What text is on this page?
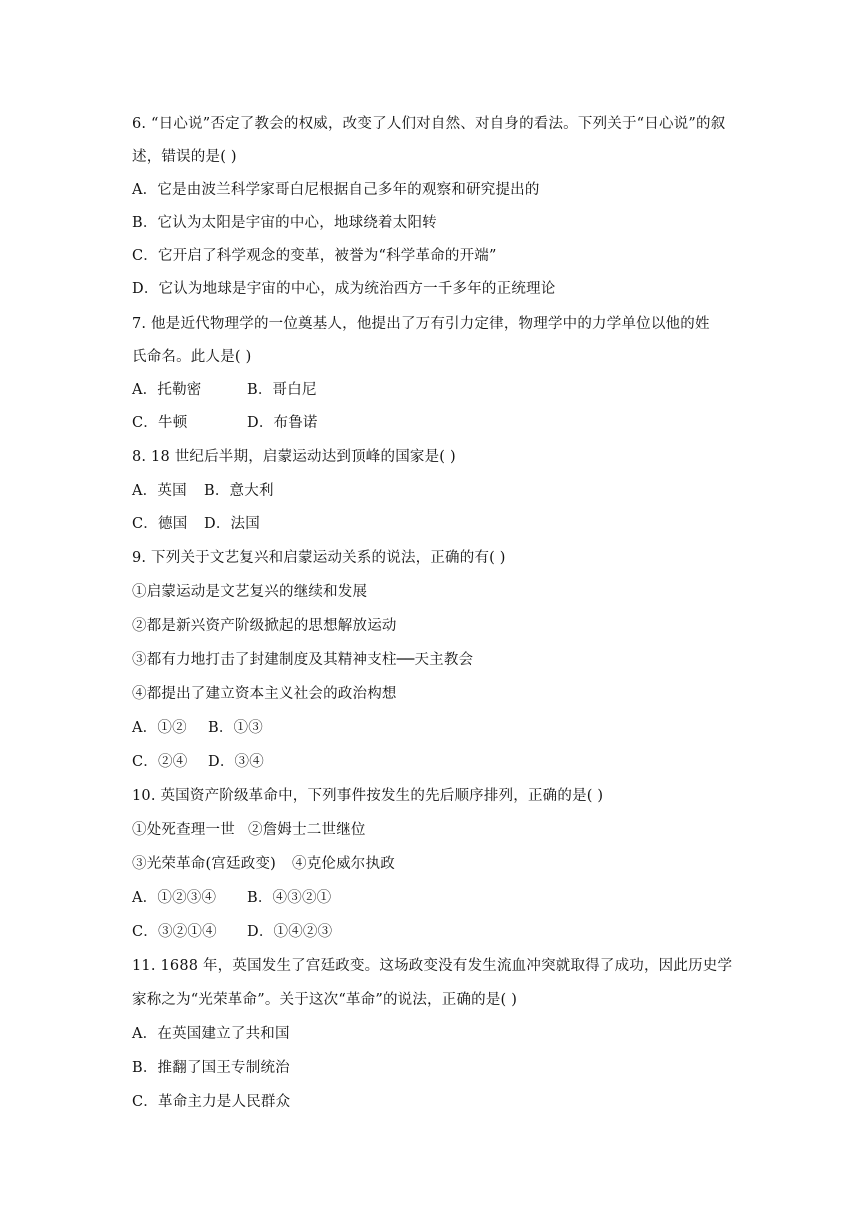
6. “日心说”否定了教会的权威，改变了人们对自然、对自身的看法。下列关于“日心说”的叙
述，错误的是( )
A．它是由波兰科学家哥白尼根据自己多年的观察和研究提出的
B．它认为太阳是宇宙的中心，地球绕着太阳转
C．它开启了科学观念的变革，被誉为“科学革命的开端”
D．它认为地球是宇宙的中心，成为统治西方一千多年的正统理论
7. 他是近代物理学的一位奠基人，他提出了万有引力定律，物理学中的力学单位以他的姓
氏命名。此人是( )
A．托勒密	B．哥白尼
C．牛顿	D．布鲁诺
8. 18 世纪后半期，启蒙运动达到顶峰的国家是( )
A．英国 B．意大利
C．德国 D．法国
9. 下列关于文艺复兴和启蒙运动关系的说法，正确的有( )
①启蒙运动是文艺复兴的继续和发展
②都是新兴资产阶级掀起的思想解放运动
③都有力地打击了封建制度及其精神支柱──天主教会
④都提出了建立资本主义社会的政治构想
A．①② B．①③
C．②④ D．③④
10. 英国资产阶级革命中，下列事件按发生的先后顺序排列，正确的是( )
①处死查理一世 ②詹姆士二世继位
③光荣革命(宫廷政变) ④克伦威尔执政
A．①②③④ B．④③②①
C．③②①④ D．①④②③
11. 1688 年，英国发生了宫廷政变。这场政变没有发生流血冲突就取得了成功，因此历史学
家称之为“光荣革命”。关于这次“革命”的说法，正确的是( )
A．在英国建立了共和国
B．推翻了国王专制统治
C．革命主力是人民群众
